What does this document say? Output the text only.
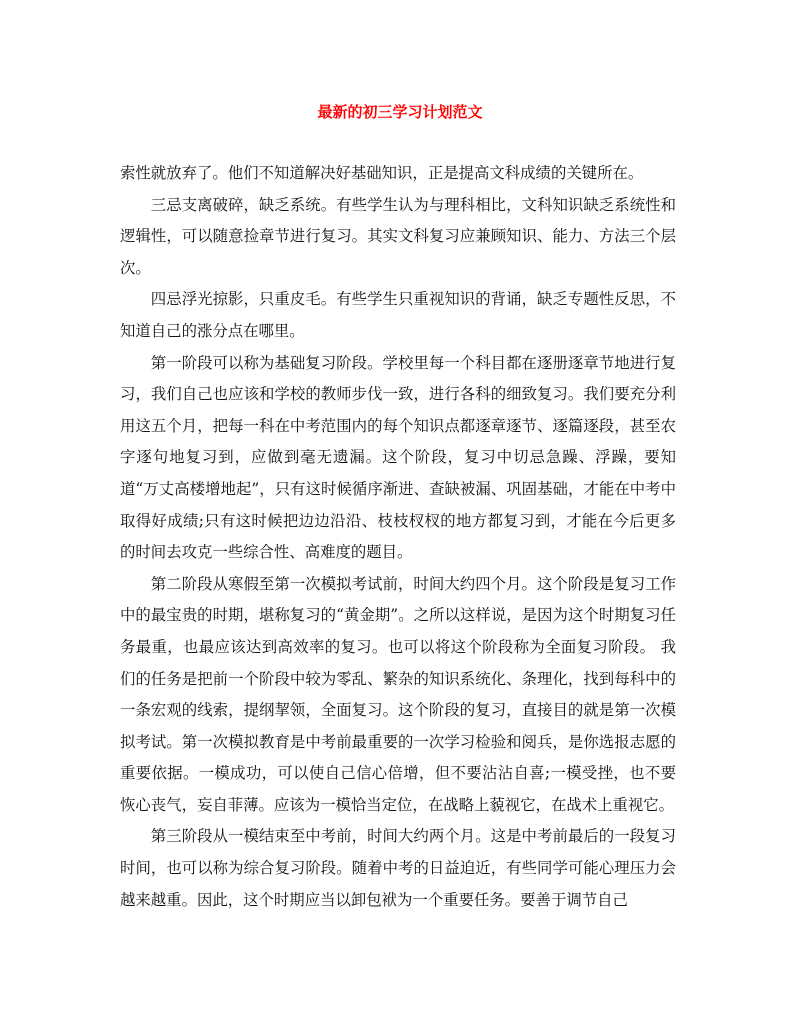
最新的初三学习计划范文

索性就放弃了。他们不知道解决好基础知识，正是提高文科成绩的关键所在。

三忌支离破碎，缺乏系统。有些学生认为与理科相比，文科知识缺乏系统性和逻辑性，可以随意捡章节进行复习。其实文科复习应兼顾知识、能力、方法三个层次。

四忌浮光掠影，只重皮毛。有些学生只重视知识的背诵，缺乏专题性反思，不知道自己的涨分点在哪里。

第一阶段可以称为基础复习阶段。学校里每一个科目都在逐册逐章节地进行复习，我们自己也应该和学校的教师步伐一致，进行各科的细致复习。我们要充分利用这五个月，把每一科在中考范围内的每个知识点都逐章逐节、逐篇逐段，甚至农字逐句地复习到，应做到毫无遗漏。这个阶段，复习中切忌急躁、浮躁，要知道“万丈高楼增地起”，只有这时候循序渐进、查缺被漏、巩固基础，才能在中考中取得好成绩;只有这时候把边边沿沿、枝枝杈杈的地方都复习到，才能在今后更多的时间去攻克一些综合性、高难度的题目。

第二阶段从寒假至第一次模拟考试前，时间大约四个月。这个阶段是复习工作中的最宝贵的时期，堪称复习的“黄金期”。之所以这样说，是因为这个时期复习任务最重，也最应该达到高效率的复习。也可以将这个阶段称为全面复习阶段。 我们的任务是把前一个阶段中较为零乱、繁杂的知识系统化、条理化，找到每科中的一条宏观的线索，提纲挈领，全面复习。这个阶段的复习，直接目的就是第一次模拟考试。第一次模拟教育是中考前最重要的一次学习检验和阅兵，是你选报志愿的重要依据。一模成功，可以使自己信心倍增，但不要沾沾自喜;一模受挫，也不要恢心丧气，妄自菲薄。应该为一模恰当定位，在战略上藐视它，在战术上重视它。

第三阶段从一模结束至中考前，时间大约两个月。这是中考前最后的一段复习时间，也可以称为综合复习阶段。随着中考的日益迫近，有些同学可能心理压力会越来越重。因此，这个时期应当以卸包袱为一个重要任务。要善于调节自己
